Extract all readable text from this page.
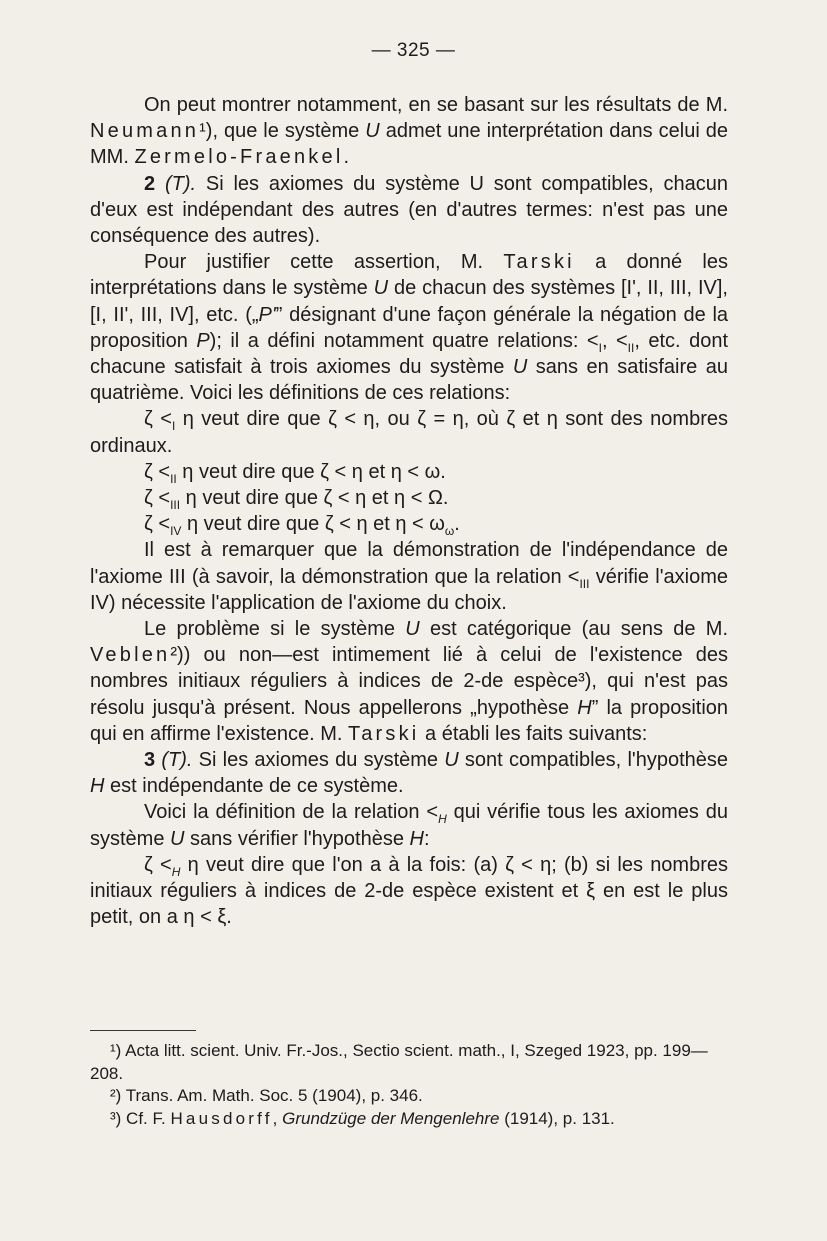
— 325 —

On peut montrer notamment, en se basant sur les résultats de M. Neumann¹), que le système U admet une interprétation dans celui de MM. Zermelo-Fraenkel.

2 (T). Si les axiomes du système U sont compatibles, chacun d'eux est indépendant des autres (en d'autres termes: n'est pas une conséquence des autres).

Pour justifier cette assertion, M. Tarski a donné les interprétations dans le système U de chacun des systèmes [I', II, III, IV], [I, II', III, IV], etc. („P'” désignant d'une façon générale la négation de la proposition P); il a défini notamment quatre relations: $<_I$, $<_{II}$, etc. dont chacune satisfait à trois axiomes du système U sans en satisfaire au quatrième. Voici les définitions de ces relations:

$\zeta <_I$ η veut dire que ζ < η, ou ζ = η, où ζ et η sont des nombres ordinaux.

$\zeta <_{II}$ η veut dire que ζ < η et η < ω.

$\zeta <_{III}$ η veut dire que ζ < η et η < Ω.

$\zeta <_{IV}$ η veut dire que ζ < η et $\eta < \omega_\omega$.

Il est à remarquer que la démonstration de l'indépendance de l'axiome III (à savoir, la démonstration que la relation $<_{III}$ vérifie l'axiome IV) nécessite l'application de l'axiome du choix.

Le problème si le système U est catégorique (au sens de M. Veblen²)) ou non—est intimement lié à celui de l'existence des nombres initiaux réguliers à indices de 2-de espèce³), qui n'est pas résolu jusqu'à présent. Nous appellerons „hypothèse H” la proposition qui en affirme l'existence. M. Tarski a établi les faits suivants:

3 (T). Si les axiomes du système U sont compatibles, l'hypothèse H est indépendante de ce système.

Voici la définition de la relation $<_H$ qui vérifie tous les axiomes du système U sans vérifier l'hypothèse H:

$\zeta <_H$ η veut dire que l'on a à la fois: (a) ζ < η; (b) si les nombres initiaux réguliers à indices de 2-de espèce existent et ξ en est le plus petit, on a η < ξ.

¹) Acta litt. scient. Univ. Fr.-Jos., Sectio scient. math., I, Szeged 1923, pp. 199—208.

²) Trans. Am. Math. Soc. 5 (1904), p. 346.

³) Cf. F. Hausdorff, Grundzüge der Mengenlehre (1914), p. 131.
